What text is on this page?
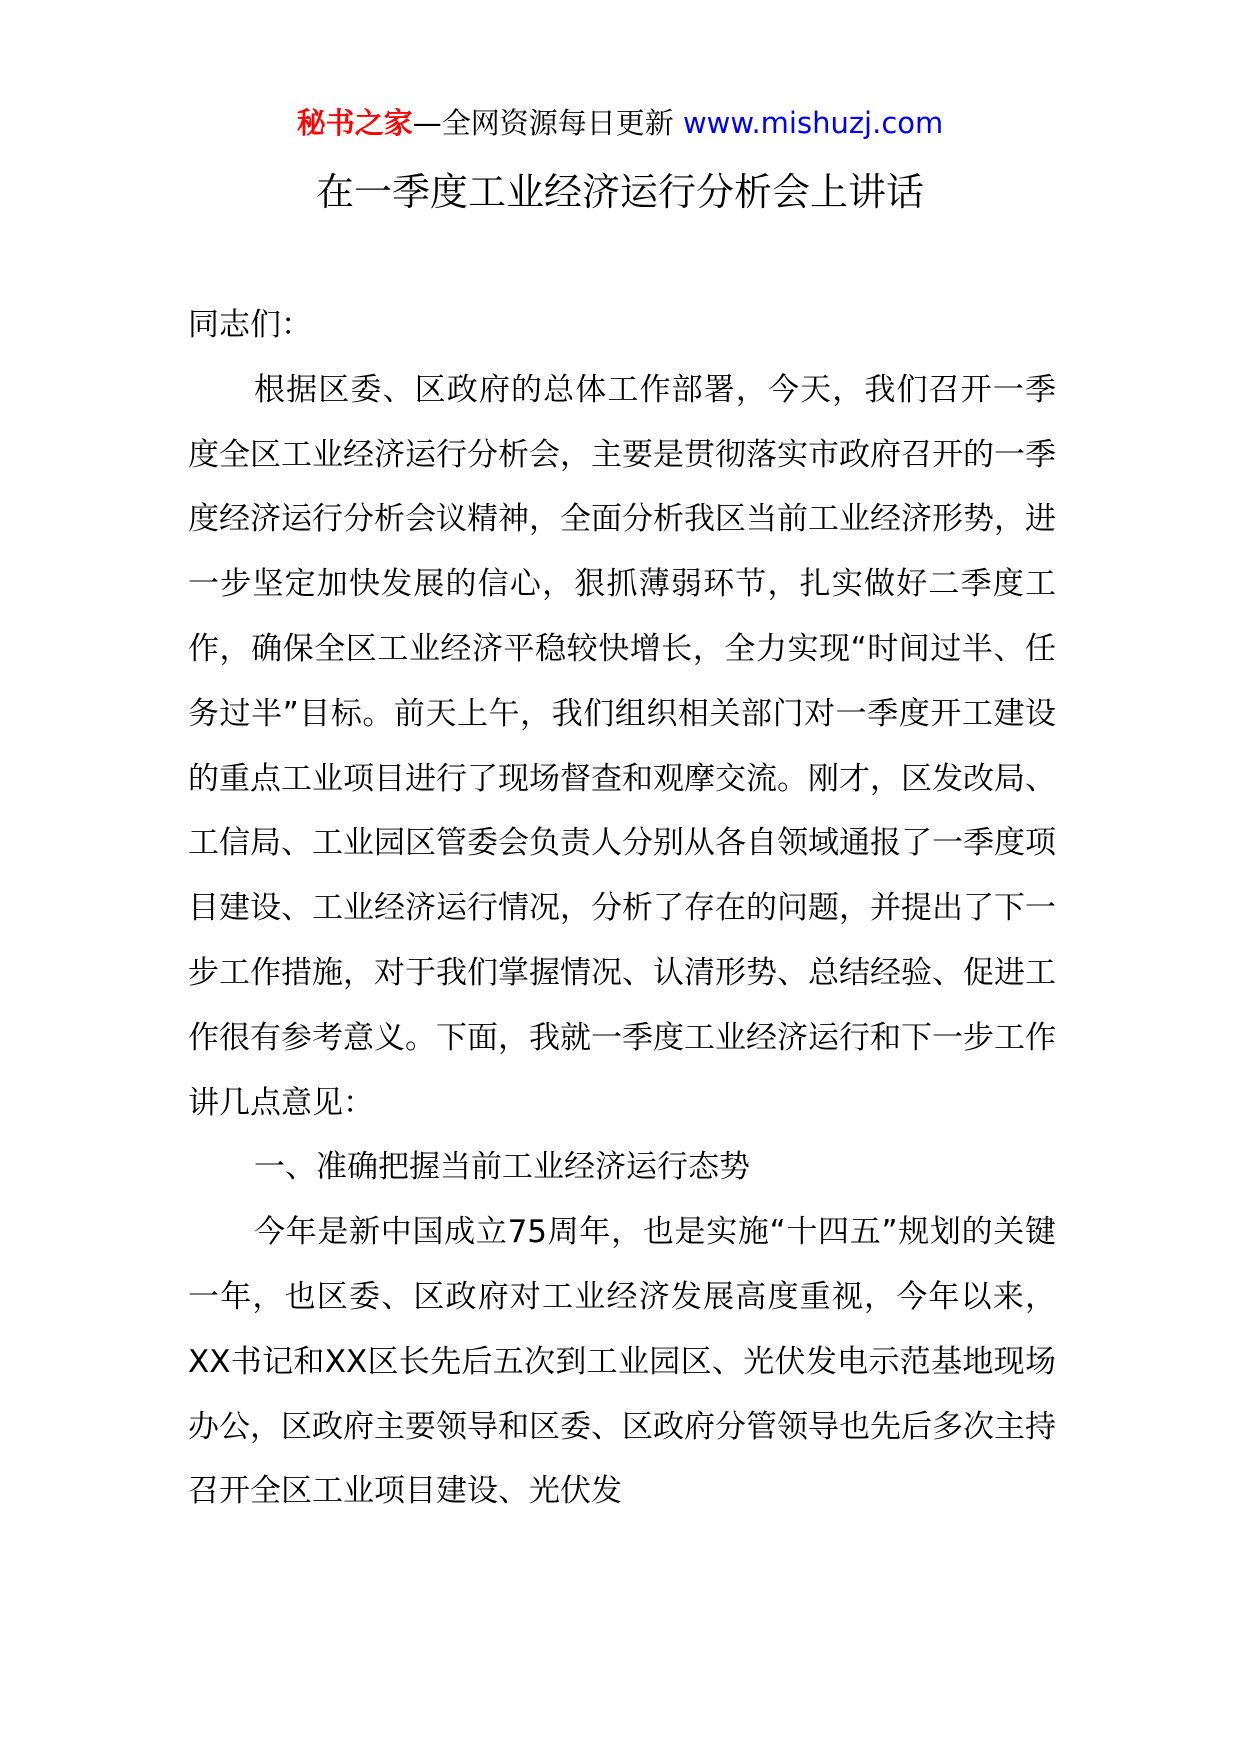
秘书之家—全网资源每日更新 www.mishuzj.com
在一季度工业经济运行分析会上讲话

同志们：

根据区委、区政府的总体工作部署，今天，我们召开一季度全区工业经济运行分析会，主要是贯彻落实市政府召开的一季度经济运行分析会议精神，全面分析我区当前工业经济形势，进一步坚定加快发展的信心，狠抓薄弱环节，扎实做好二季度工作，确保全区工业经济平稳较快增长，全力实现“时间过半、任务过半”目标。前天上午，我们组织相关部门对一季度开工建设的重点工业项目进行了现场督查和观摩交流。刚才，区发改局、工信局、工业园区管委会负责人分别从各自领域通报了一季度项目建设、工业经济运行情况，分析了存在的问题，并提出了下一步工作措施，对于我们掌握情况、认清形势、总结经验、促进工作很有参考意义。下面，我就一季度工业经济运行和下一步工作讲几点意见：

一、准确把握当前工业经济运行态势

今年是新中国成立75周年，也是实施“十四五”规划的关键一年，也区委、区政府对工业经济发展高度重视，今年以来，XX书记和XX区长先后五次到工业园区、光伏发电示范基地现场办公，区政府主要领导和区委、区政府分管领导也先后多次主持召开全区工业项目建设、光伏发
